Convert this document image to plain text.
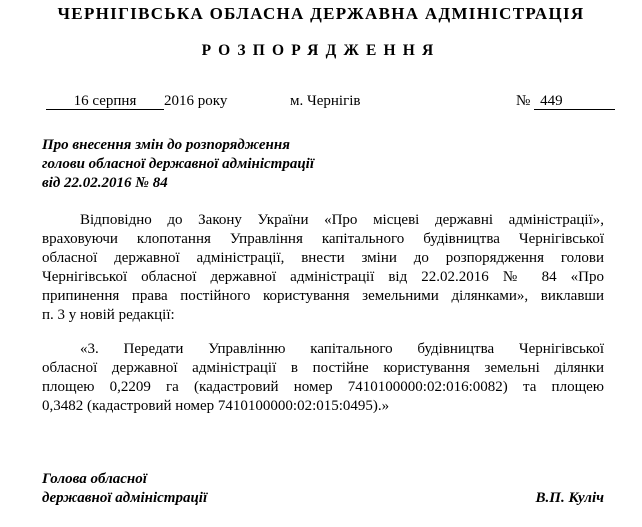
ЧЕРНІГІВСЬКА ОБЛАСНА ДЕРЖАВНА АДМІНІСТРАЦІЯ
РОЗПОРЯДЖЕННЯ
16 серпня 2016 року	м. Чернігів	№ 449
Про внесення змін до розпорядження
голови обласної державної адміністрації
від 22.02.2016 № 84
Відповідно до Закону України «Про місцеві державні адміністрації»,
враховуючи клопотання Управління капітального будівництва Чернігівської
обласної державної адміністрації, внести зміни до розпорядження голови
Чернігівської обласної державної адміністрації від 22.02.2016 № 84 «Про
припинення права постійного користування земельними ділянками», виклавши
п. 3 у новій редакції:
«3. Передати Управлінню капітального будівництва Чернігівської
обласної державної адміністрації в постійне користування земельні ділянки
площею 0,2209 га (кадастровий номер 7410100000:02:016:0082) та площею
0,3482 (кадастровий номер 7410100000:02:015:0495).»
Голова обласної
державної адміністрації	В.П. Куліч
